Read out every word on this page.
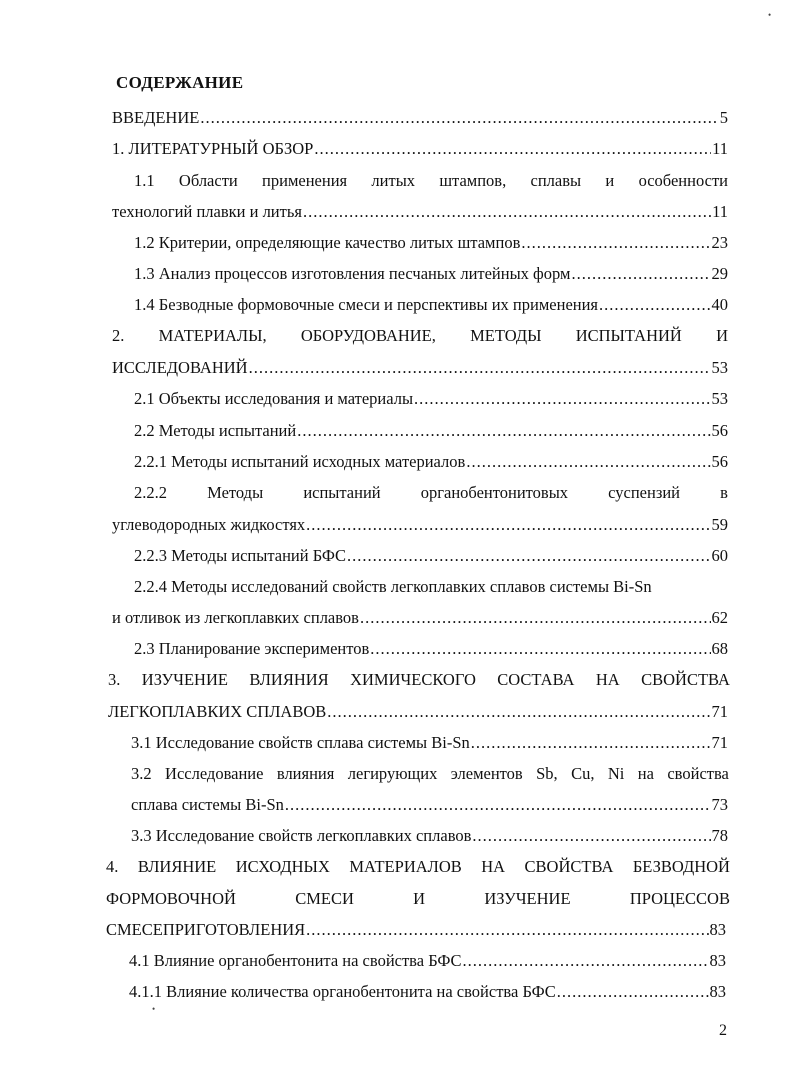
СОДЕРЖАНИЕ
ВВЕДЕНИЕ .....	5
1. ЛИТЕРАТУРНЫЙ ОБЗОР .....	11
1.1 Области применения литых штампов, сплавы и особенности
технологий плавки и литья .....	11
1.2 Критерии, определяющие качество литых штампов .....	23
1.3 Анализ процессов изготовления песчаных литейных форм .....	29
1.4 Безводные формовочные смеси и перспективы их применения .....	40
2. МАТЕРИАЛЫ, ОБОРУДОВАНИЕ, МЕТОДЫ ИСПЫТАНИЙ И
ИССЛЕДОВАНИЙ .....	53
2.1 Объекты исследования и материалы .....	53
2.2 Методы испытаний .....	56
2.2.1 Методы испытаний исходных материалов .....	56
2.2.2 Методы испытаний органобентонитовых суспензий в
углеводородных жидкостях .....	59
2.2.3 Методы испытаний БФС .....	60
2.2.4 Методы исследований свойств легкоплавких сплавов системы Bi-Sn
и отливок из легкоплавких сплавов .....	62
2.3 Планирование экспериментов .....	68
3. ИЗУЧЕНИЕ ВЛИЯНИЯ ХИМИЧЕСКОГО СОСТАВА НА СВОЙСТВА
ЛЕГКОПЛАВКИХ СПЛАВОВ .....	71
3.1 Исследование свойств сплава системы Bi-Sn .....	71
3.2 Исследование влияния легирующих элементов Sb, Cu, Ni на свойства
сплава системы Bi-Sn .....	73
3.3 Исследование свойств легкоплавких сплавов .....	78
4. ВЛИЯНИЕ ИСХОДНЫХ МАТЕРИАЛОВ НА СВОЙСТВА БЕЗВОДНОЙ
ФОРМОВОЧНОЙ	СМЕСИ	И	ИЗУЧЕНИЕ	ПРОЦЕССОВ
СМЕСЕПРИГОТОВЛЕНИЯ .....	83
4.1 Влияние органобентонита на свойства БФС .....	83
4.1.1 Влияние количества органобентонита на свойства БФС .....	83
2
•
•
